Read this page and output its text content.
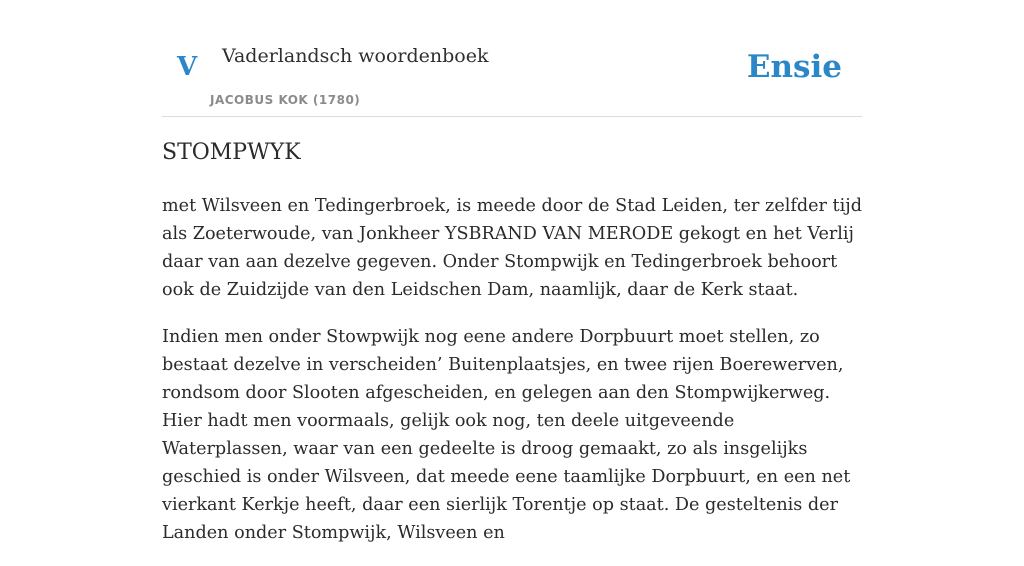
V Vaderlandsch woordenboek
JACOBUS KOK (1780)
Ensie
STOMPWYK

met Wilsveen en Tedingerbroek, is meede door de Stad Leiden, ter zelfder tijd als Zoeterwoude, van Jonkheer YSBRAND VAN MERODE gekogt en het Verlij daar van aan dezelve gegeven. Onder Stompwijk en Tedingerbroek behoort ook de Zuidzijde van den Leidschen Dam, naamlijk, daar de Kerk staat.

Indien men onder Stowpwijk nog eene andere Dorpbuurt moet stellen, zo bestaat dezelve in verscheiden’ Buitenplaatsjes, en twee rijen Boerewerven, rondsom door Slooten afgescheiden, en gelegen aan den Stompwijkerweg. Hier hadt men voormaals, gelijk ook nog, ten deele uitgeveende Waterplassen, waar van een gedeelte is droog gemaakt, zo als insgelijks geschied is onder Wilsveen, dat meede eene taamlijke Dorpbuurt, en een net vierkant Kerkje heeft, daar een sierlijk Torentje op staat. De gesteltenis der Landen onder Stompwijk, Wilsveen en
